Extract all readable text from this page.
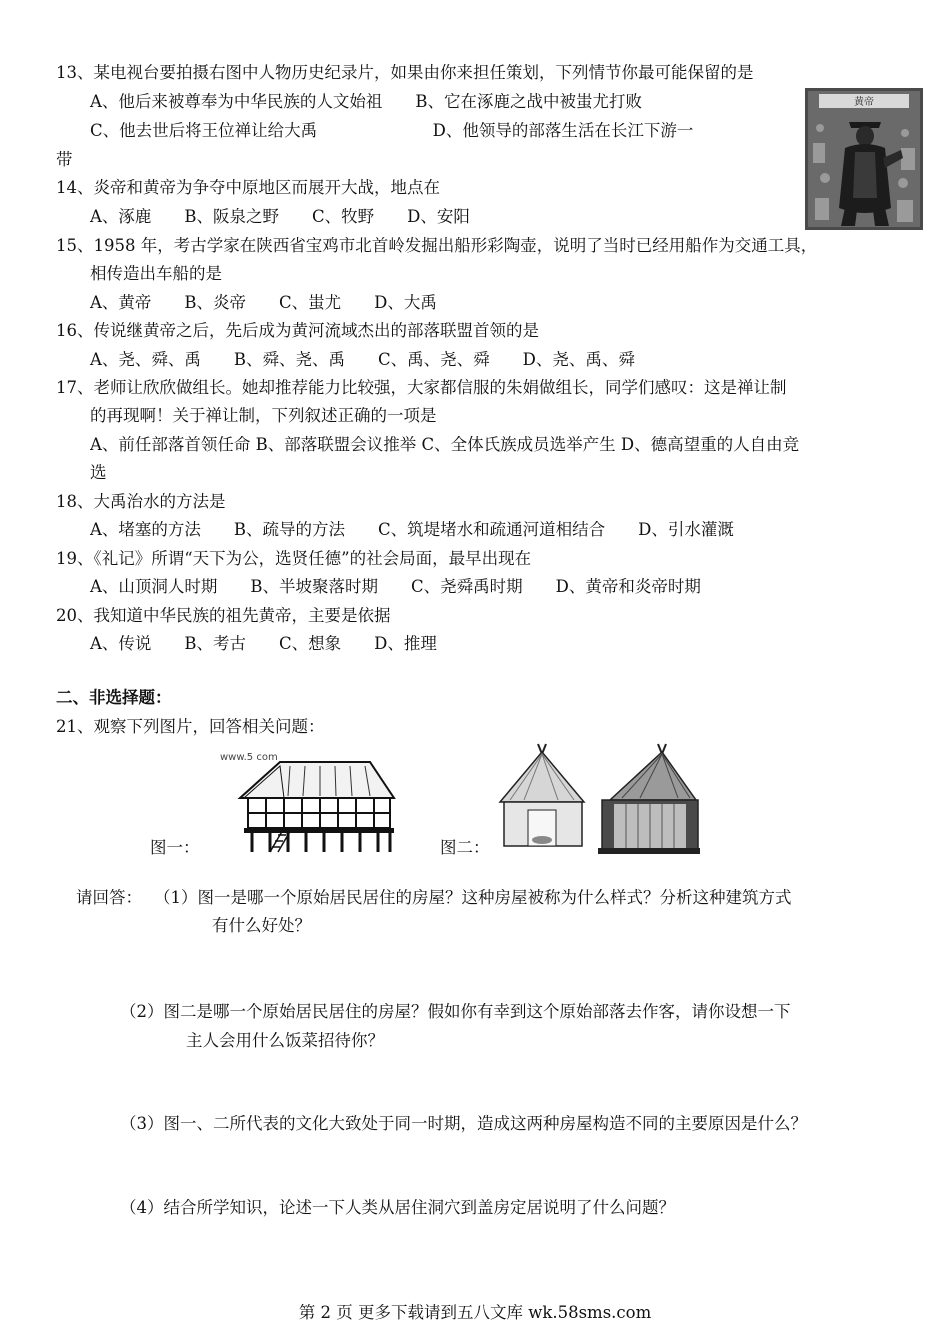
13、某电视台要拍摄右图中人物历史纪录片，如果由你来担任策划，下列情节你最可能保留的是
A、他后来被尊奉为中华民族的人文始祖　　B、它在涿鹿之战中被蚩尤打败
C、他去世后将王位禅让给大禹　　　　　　　D、他领导的部落生活在长江下游一
带
黄帝
14、炎帝和黄帝为争夺中原地区而展开大战，地点在
A、涿鹿　　B、阪泉之野　　C、牧野　　D、安阳
15、1958 年，考古学家在陕西省宝鸡市北首岭发掘出船形彩陶壶，说明了当时已经用船作为交通工具，
相传造出车船的是
A、黄帝　　B、炎帝　　C、蚩尤　　D、大禹
16、传说继黄帝之后，先后成为黄河流域杰出的部落联盟首领的是
A、尧、舜、禹　　B、舜、尧、禹　　C、禹、尧、舜　　D、尧、禹、舜
17、老师让欣欣做组长。她却推荐能力比较强，大家都信服的朱娟做组长，同学们感叹：这是禅让制
的再现啊！关于禅让制，下列叙述正确的一项是
A、前任部落首领任命 B、部落联盟会议推举 C、全体氏族成员选举产生 D、德高望重的人自由竞
选
18、大禹治水的方法是
A、堵塞的方法　　B、疏导的方法　　C、筑堤堵水和疏通河道相结合　　D、引水灌溉
19、《礼记》所谓“天下为公，选贤任德”的社会局面，最早出现在
A、山顶洞人时期　　B、半坡聚落时期　　C、尧舜禹时期　　D、黄帝和炎帝时期
20、我知道中华民族的祖先黄帝，主要是依据
A、传说　　B、考古　　C、想象　　D、推理
二、非选择题：
21、观察下列图片，回答相关问题：
图一：
www.5 com
图二：
请回答： （1）图一是哪一个原始居民居住的房屋？这种房屋被称为什么样式？分析这种建筑方式
有什么好处？
（2）图二是哪一个原始居民居住的房屋？假如你有幸到这个原始部落去作客，请你设想一下
主人会用什么饭菜招待你？
（3）图一、二所代表的文化大致处于同一时期，造成这两种房屋构造不同的主要原因是什么？
（4）结合所学知识，论述一下人类从居住洞穴到盖房定居说明了什么问题？
第 2 页 更多下载请到五八文库 wk.58sms.com
